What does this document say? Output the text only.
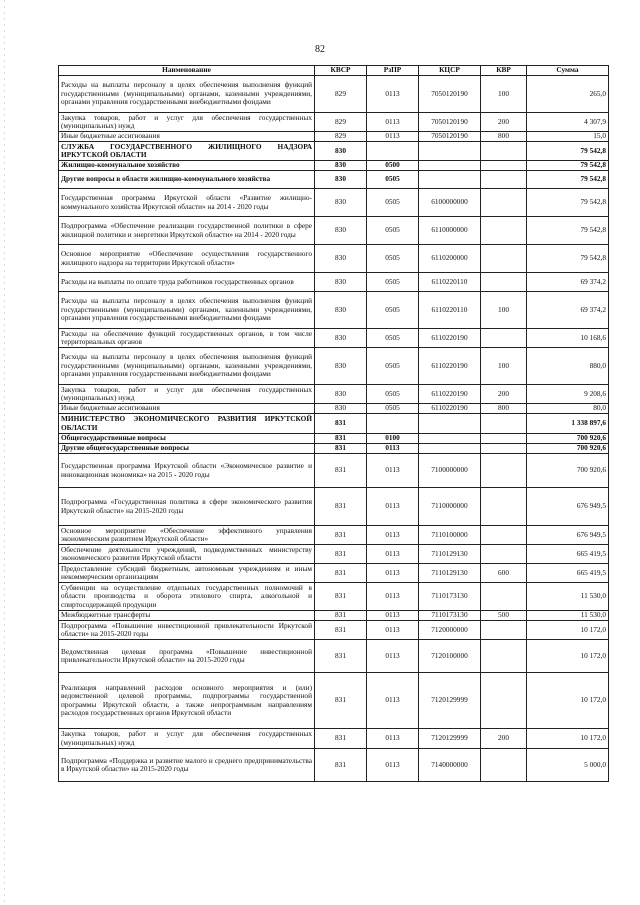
82
Наименование	КВСР	РзПР	КЦСР	КВР	Сумма
Расходы на выплаты персоналу в целях обеспечения выполнения функций государственными (муниципальными) органами, казенными учреждениями, органами управления государственными внебюджетными фондами	829	0113	7050120190	100	265,0
Закупка товаров, работ и услуг для обеспечения государственных (муниципальных) нужд	829	0113	7050120190	200	4 307,9
Иные бюджетные ассигнования	829	0113	7050120190	800	15,0
СЛУЖБА ГОСУДАРСТВЕННОГО ЖИЛИЩНОГО НАДЗОРА ИРКУТСКОЙ ОБЛАСТИ	830				79 542,8
Жилищно-коммунальное хозяйство	830	0500			79 542,8
Другие вопросы в области жилищно-коммунального хозяйства	830	0505			79 542,8
Государственная программа Иркутской области «Развитие жилищно-коммунального хозяйства Иркутской области» на 2014 - 2020 годы	830	0505	6100000000		79 542,8
Подпрограмма «Обеспечение реализации государственной политики в сфере жилищной политики и энергетики Иркутской области» на 2014 - 2020 годы	830	0505	6110000000		79 542,8
Основное мероприятие «Обеспечение осуществления государственного жилищного надзора на территории Иркутской области»	830	0505	6110200000		79 542,8
Расходы на выплаты по оплате труда работников государственных органов	830	0505	6110220110		69 374,2
Расходы на выплаты персоналу в целях обеспечения выполнения функций государственными (муниципальными) органами, казенными учреждениями, органами управления государственными внебюджетными фондами	830	0505	6110220110	100	69 374,2
Расходы на обеспечение функций государственных органов, в том числе территориальных органов	830	0505	6110220190		10 168,6
Расходы на выплаты персоналу в целях обеспечения выполнения функций государственными (муниципальными) органами, казенными учреждениями, органами управления государственными внебюджетными фондами	830	0505	6110220190	100	880,0
Закупка товаров, работ и услуг для обеспечения государственных (муниципальных) нужд	830	0505	6110220190	200	9 208,6
Иные бюджетные ассигнования	830	0505	6110220190	800	80,0
МИНИСТЕРСТВО ЭКОНОМИЧЕСКОГО РАЗВИТИЯ ИРКУТСКОЙ ОБЛАСТИ	831				1 338 897,6
Общегосударственные вопросы	831	0100			700 920,6
Другие общегосударственные вопросы	831	0113			700 920,6
Государственная программа Иркутской области «Экономическое развитие и инновационная экономика» на 2015 - 2020 годы	831	0113	7100000000		700 920,6
Подпрограмма «Государственная политика в сфере экономического развития Иркутской области» на 2015-2020 годы	831	0113	7110000000		676 949,5
Основное мероприятие «Обеспечение эффективного управления экономическим развитием Иркутской области»	831	0113	7110100000		676 949,5
Обеспечение деятельности учреждений, подведомственных министерству экономического развития Иркутской области	831	0113	7110129130		665 419,5
Предоставление субсидий бюджетным, автономным учреждениям и иным некоммерческим организациям	831	0113	7110129130	600	665 419,5
Субвенции на осуществление отдельных государственных полномочий в области производства и оборота этилового спирта, алкогольной и спиртосодержащей продукции	831	0113	7110173130		11 530,0
Межбюджетные трансферты	831	0113	7110173130	500	11 530,0
Подпрограмма «Повышение инвестиционной привлекательности Иркутской области» на 2015-2020 годы	831	0113	7120000000		10 172,0
Ведомственная целевая программа «Повышение инвестиционной привлекательности Иркутской области» на 2015-2020 годы	831	0113	7120100000		10 172,0
Реализация направлений расходов основного мероприятия и (или) ведомственной целевой программы, подпрограммы государственной программы Иркутской области, а также непрограммным направлениям расходов государственных органов Иркутской области	831	0113	7120129999		10 172,0
Закупка товаров, работ и услуг для обеспечения государственных (муниципальных) нужд	831	0113	7120129999	200	10 172,0
Подпрограмма «Поддержка и развитие малого и среднего предпринимательства в Иркутской области» на 2015-2020 годы	831	0113	7140000000		5 000,0
